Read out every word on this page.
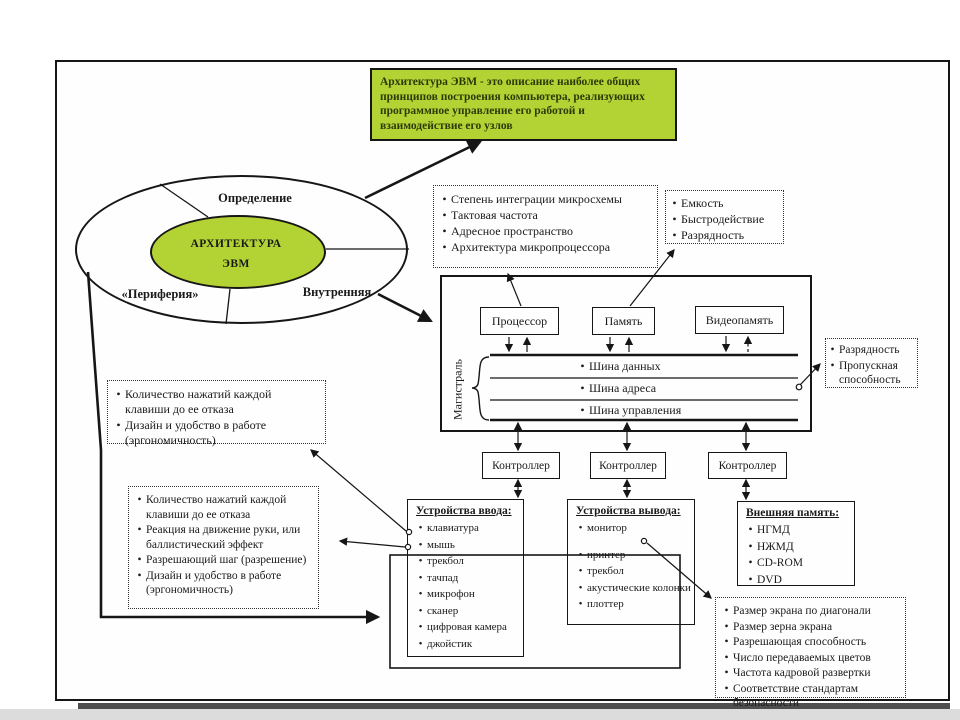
Архитектура ЭВМ - это описание наиболее общих принципов построения компьютера, реализующих программное управление его работой и взаимодействие его узлов
Определение
АРХИТЕКТУРА
ЭВМ
«Периферия»	Внутренняя
• Степень интеграции микросхемы
• Тактовая частота
• Адресное пространство
• Архитектура микропроцессора
• Емкость
• Быстродействие
• Разрядность
• Разрядность
• Пропускная способность
• Количество нажатий каждой клавиши до ее отказа
• Дизайн и удобство в работе (эргономичность)
• Количество нажатий каждой клавиши до ее отказа
• Реакция на движение руки, или баллистический эффект
• Разрешающий шаг (разрешение)
• Дизайн и удобство в работе (эргономичность)
• Размер экрана по диагонали
• Размер зерна экрана
• Разрешающая способность
• Число передаваемых цветов
• Частота кадровой развертки
• Соответствие стандартам безопасности
Процессор	Память	Видеопамять
Магистраль	• Шина данных
• Шина адреса
• Шина управления
Контроллер	Контроллер	Контроллер
Устройства ввода:
• клавиатура
• мышь
• трекбол
• тачпад
• микрофон
• сканер
• цифровая камера
• джойстик
Устройства вывода:
• монитор
• принтер
• трекбол
• акустические колонки
• плоттер
Внешняя память:
• НГМД
• НЖМД
• CD-ROM
• DVD
